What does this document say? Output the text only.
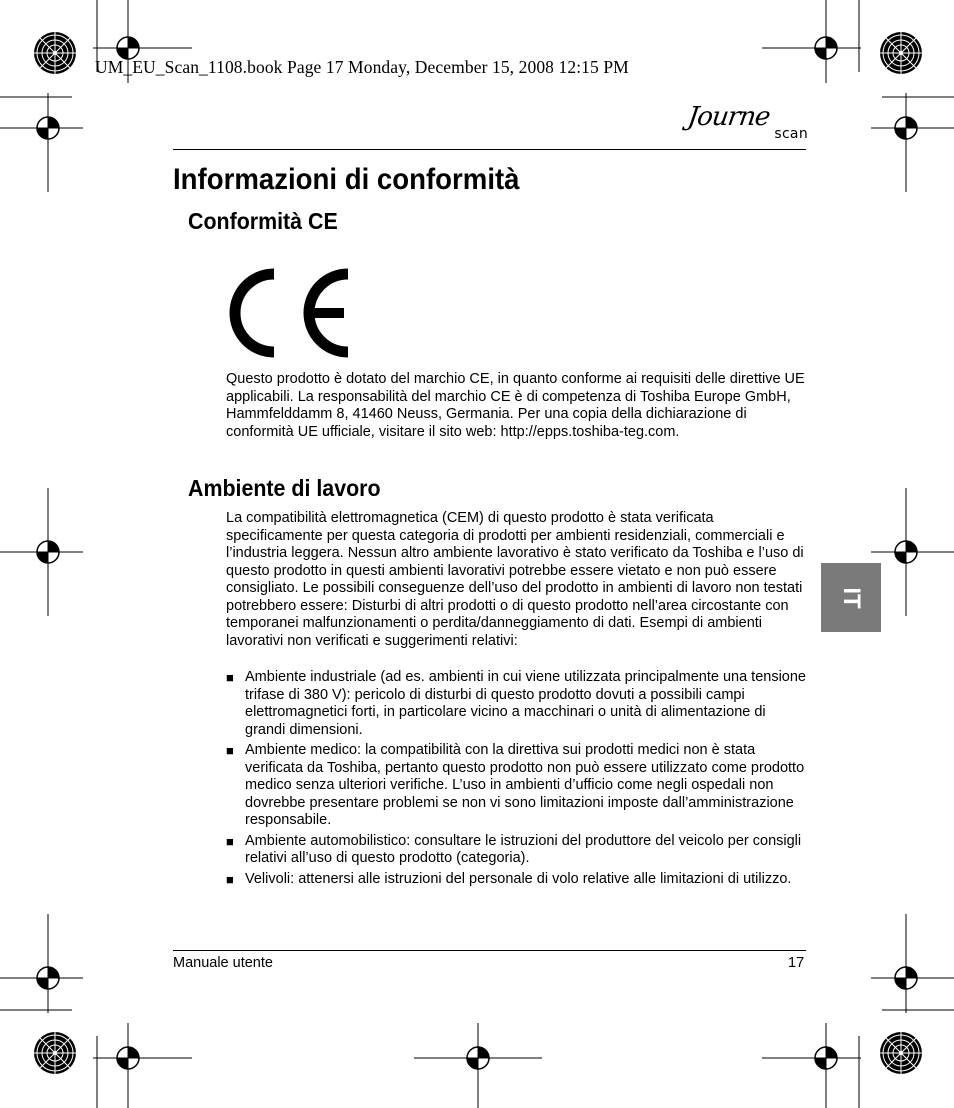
UM_EU_Scan_1108.book Page 17 Monday, December 15, 2008 12:15 PM
Journe
scan
Informazioni di conformità
Conformità CE

Questo prodotto è dotato del marchio CE, in quanto conforme ai requisiti delle direttive UE applicabili. La responsabilità del marchio CE è di competenza di Toshiba Europe GmbH, Hammfelddamm 8, 41460 Neuss, Germania. Per una copia della dichiarazione di conformità UE ufficiale, visitare il sito web: http://epps.toshiba-teg.com.

Ambiente di lavoro

La compatibilità elettromagnetica (CEM) di questo prodotto è stata verificata specificamente per questa categoria di prodotti per ambienti residenziali, commerciali e l’industria leggera. Nessun altro ambiente lavorativo è stato verificato da Toshiba e l’uso di questo prodotto in questi ambienti lavorativi potrebbe essere vietato e non può essere consigliato. Le possibili conseguenze dell’uso del prodotto in ambienti di lavoro non testati potrebbero essere: Disturbi di altri prodotti o di questo prodotto nell’area circostante con temporanei malfunzionamenti o perdita/danneggiamento di dati. Esempi di ambienti lavorativi non verificati e suggerimenti relativi:

■ Ambiente industriale (ad es. ambienti in cui viene utilizzata principalmente una tensione trifase di 380 V): pericolo di disturbi di questo prodotto dovuti a possibili campi elettromagnetici forti, in particolare vicino a macchinari o unità di alimentazione di grandi dimensioni.
■ Ambiente medico: la compatibilità con la direttiva sui prodotti medici non è stata verificata da Toshiba, pertanto questo prodotto non può essere utilizzato come prodotto medico senza ulteriori verifiche. L’uso in ambienti d’ufficio come negli ospedali non dovrebbe presentare problemi se non vi sono limitazioni imposte dall’amministrazione responsabile.
■ Ambiente automobilistico: consultare le istruzioni del produttore del veicolo per consigli relativi all’uso di questo prodotto (categoria).
■ Velivoli: attenersi alle istruzioni del personale di volo relative alle limitazioni di utilizzo.
IT
Manuale utente	17
